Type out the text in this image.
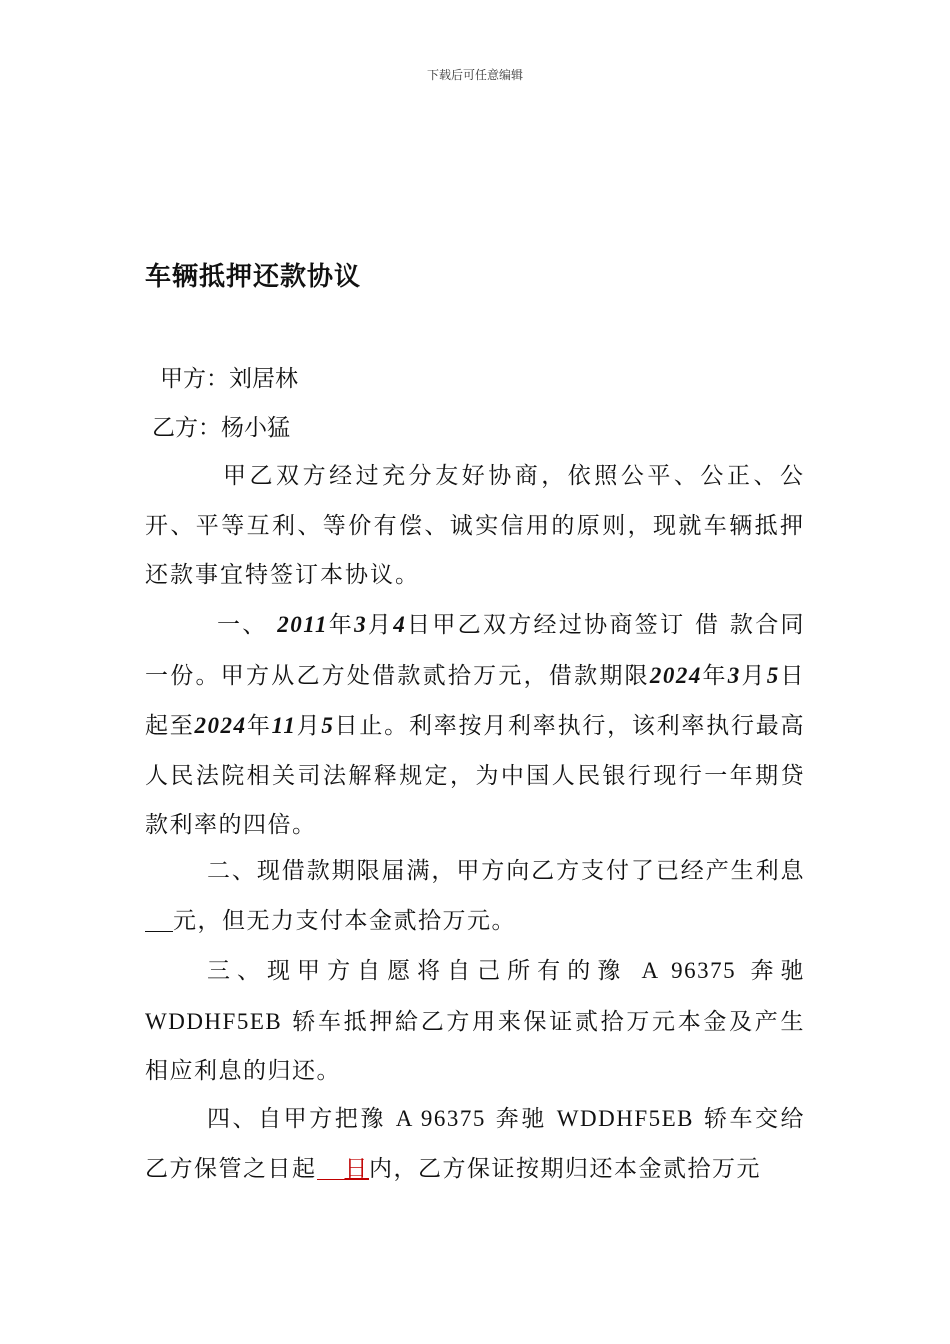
下载后可任意编辑
车辆抵押还款协议
甲方：刘居林
乙方：杨小猛
甲乙双方经过充分友好协商，依照公平、公正、公开、平等互利、等价有偿、诚实信用的原则，现就车辆抵押还款事宜特签订本协议。
一、 2011年3月4日甲乙双方经过协商签订 借 款合同一份。甲方从乙方处借款贰拾万元，借款期限2024年3月5日起至2024年11月5日止。利率按月利率执行，该利率执行最高人民法院相关司法解释规定，为中国人民银行现行一年期贷款利率的四倍。
二、现借款期限届满，甲方向乙方支付了已经产生利息元，但无力支付本金贰拾万元。
三、现甲方自愿将自己所有的豫 A 96375 奔驰 WDDHF5EB 轿车抵押給乙方用来保证贰拾万元本金及产生相应利息的归还。
四、自甲方把豫 A 96375 奔驰 WDDHF5EB 轿车交给乙方保管之日起 日内，乙方保证按期归还本金贰拾万元
